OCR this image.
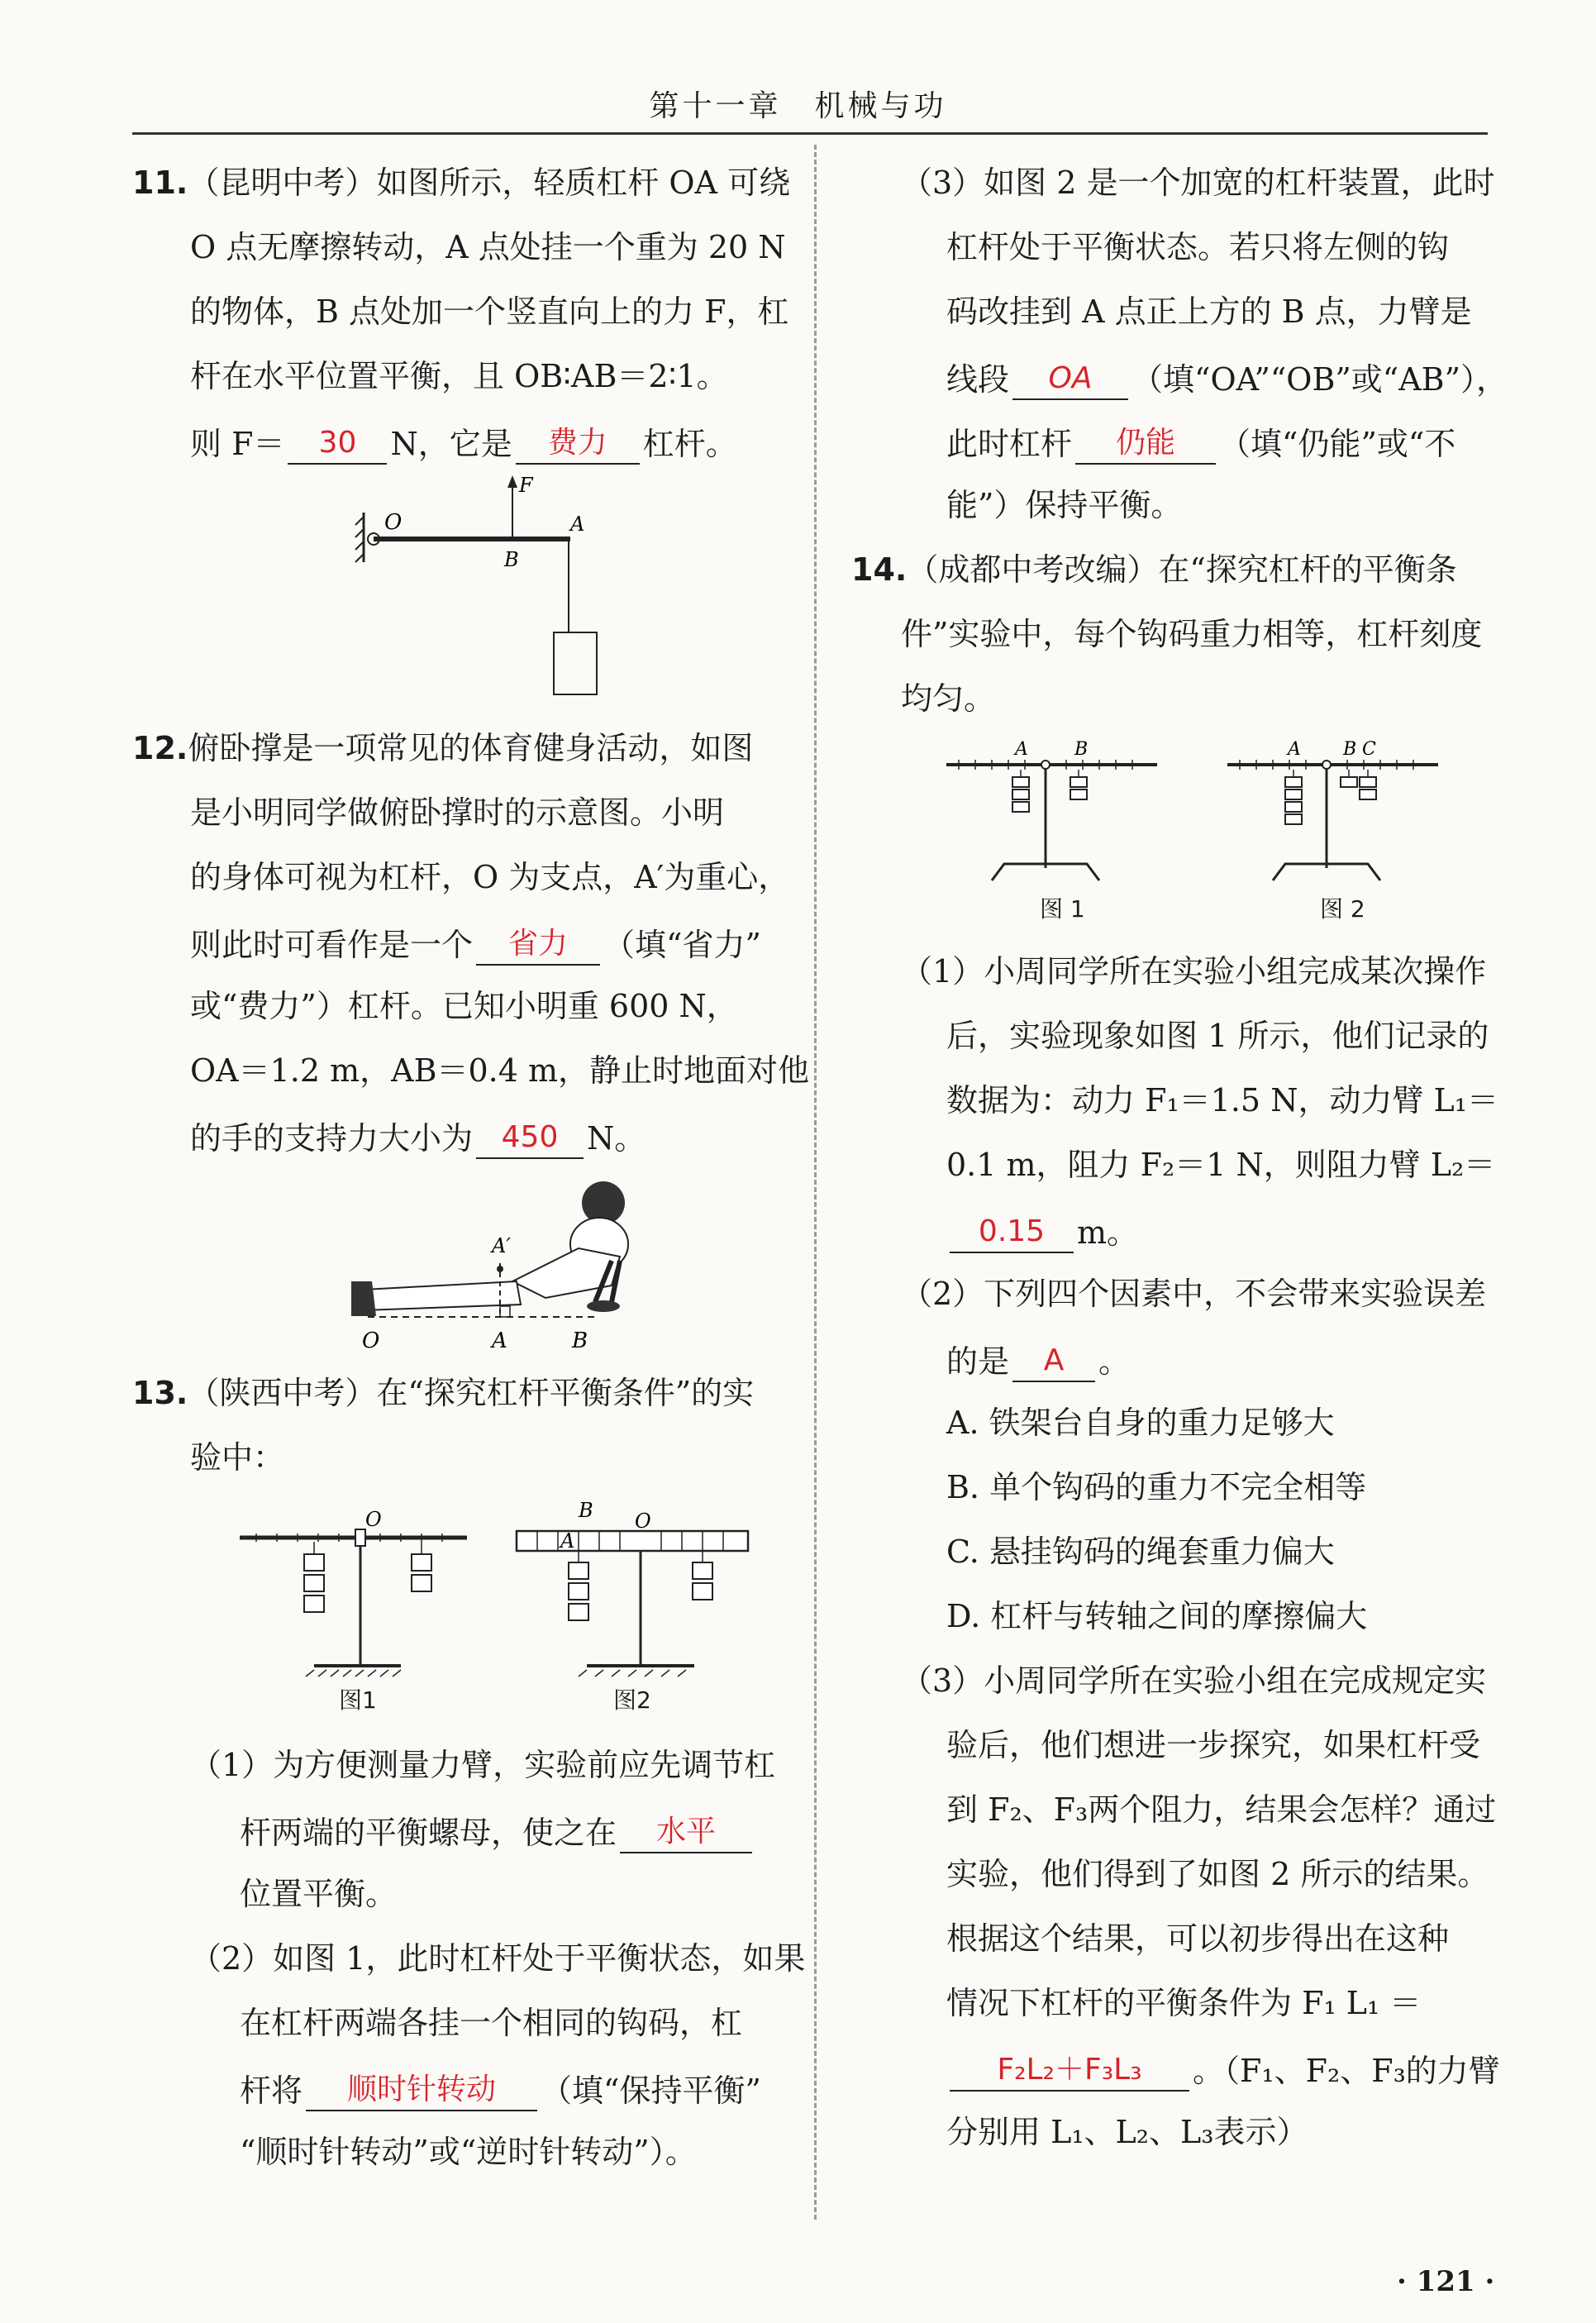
第十一章　机械与功
11.（昆明中考）如图所示，轻质杠杆 OA 可绕
O 点无摩擦转动，A 点处挂一个重为 20 N
的物体，B 点处加一个竖直向上的力 F，杠
杆在水平位置平衡，且 OB∶AB＝2∶1。
则 F＝ 30 N，它是 费力 杠杆。
O
F
B
A
12.俯卧撑是一项常见的体育健身活动，如图
是小明同学做俯卧撑时的示意图。小明
的身体可视为杠杆，O 为支点，A′为重心，
则此时可看作是一个 省力 （填“省力”
或“费力”）杠杆。已知小明重 600 N，
OA＝1.2 m，AB＝0.4 m，静止时地面对他
的手的支持力大小为 450 N。
A′
O	A	B
13.（陕西中考）在“探究杠杆平衡条件”的实
验中：
O
图1
B O
A
图2
（1）为方便测量力臂，实验前应先调节杠
杆两端的平衡螺母，使之在 水平
位置平衡。
（2）如图 1，此时杠杆处于平衡状态，如果
在杠杆两端各挂一个相同的钩码，杠
杆将 顺时针转动 （填“保持平衡”
“顺时针转动”或“逆时针转动”）。
（3）如图 2 是一个加宽的杠杆装置，此时
杠杆处于平衡状态。若只将左侧的钩
码改挂到 A 点正上方的 B 点，力臂是
线段 OA （填“OA”“OB”或“AB”），
此时杠杆 仍能 （填“仍能”或“不
能”）保持平衡。
14.（成都中考改编）在“探究杠杆的平衡条
件”实验中，每个钩码重力相等，杠杆刻度
均匀。
A	B
图 1
A B C
图 2
（1）小周同学所在实验小组完成某次操作
后，实验现象如图 1 所示，他们记录的
数据为：动力 F₁＝1.5 N，动力臂 L₁＝
0.1 m，阻力 F₂＝1 N，则阻力臂 L₂＝
0.15 m。
（2）下列四个因素中，不会带来实验误差
的是 A 。
A. 铁架台自身的重力足够大
B. 单个钩码的重力不完全相等
C. 悬挂钩码的绳套重力偏大
D. 杠杆与转轴之间的摩擦偏大
（3）小周同学所在实验小组在完成规定实
验后，他们想进一步探究，如果杠杆受
到 F₂、F₃两个阻力，结果会怎样？通过
实验，他们得到了如图 2 所示的结果。
根据这个结果，可以初步得出在这种
情况下杠杆的平衡条件为 F₁ L₁ ＝
F₂L₂＋F₃L₃ 。（F₁、F₂、F₃的力臂
分别用 L₁、L₂、L₃表示）
· 121 ·
